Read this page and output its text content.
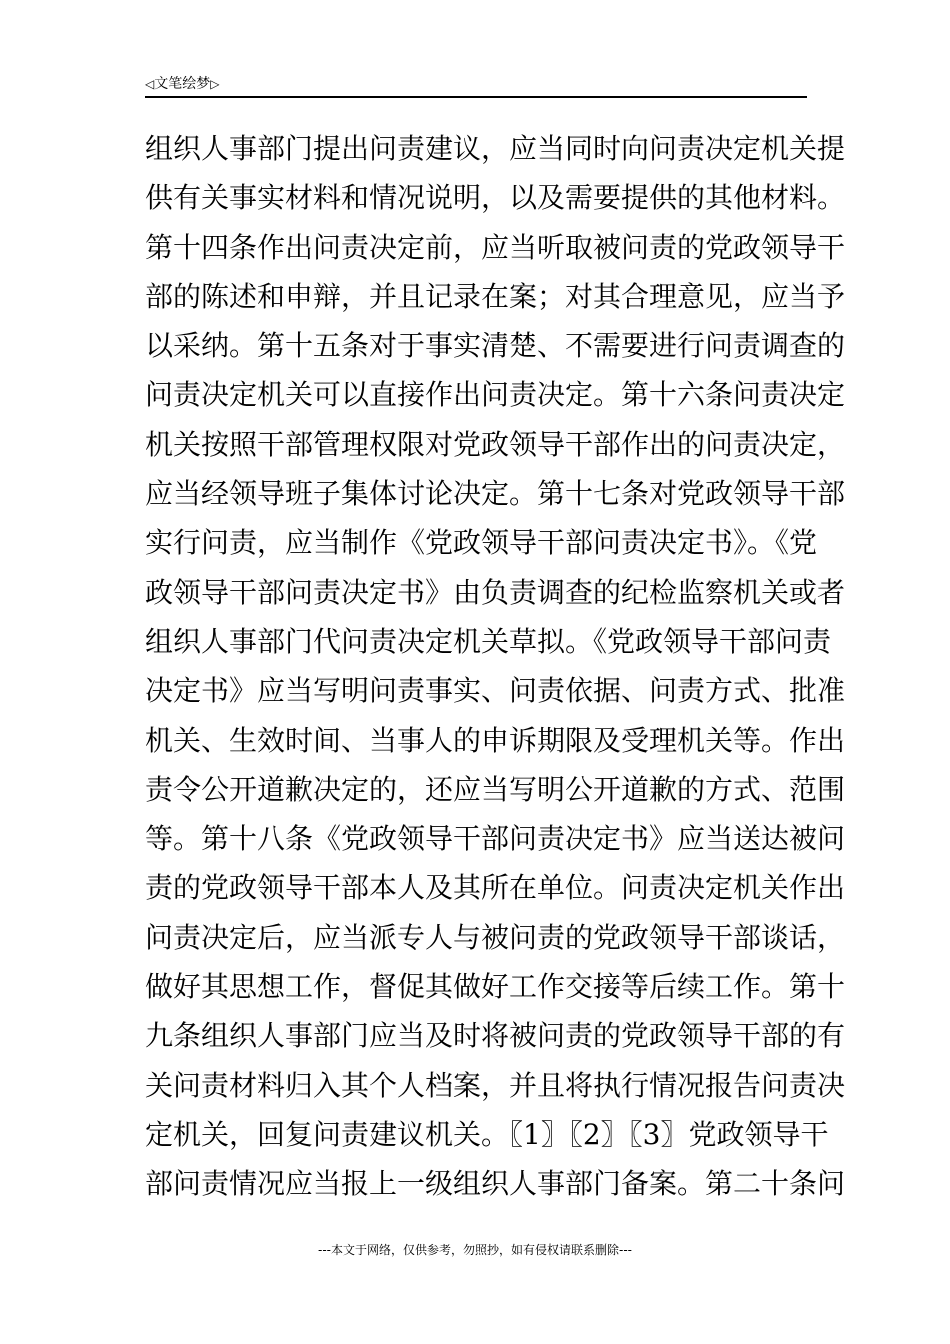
◁文笔绘梦▷
组织人事部门提出问责建议，应当同时向问责决定机关提
供有关事实材料和情况说明，以及需要提供的其他材料。
第十四条作出问责决定前，应当听取被问责的党政领导干
部的陈述和申辩，并且记录在案；对其合理意见，应当予
以采纳。第十五条对于事实清楚、不需要进行问责调查的
问责决定机关可以直接作出问责决定。第十六条问责决定
机关按照干部管理权限对党政领导干部作出的问责决定，
应当经领导班子集体讨论决定。第十七条对党政领导干部
实行问责，应当制作《党政领导干部问责决定书》。《党
政领导干部问责决定书》由负责调查的纪检监察机关或者
组织人事部门代问责决定机关草拟。《党政领导干部问责
决定书》应当写明问责事实、问责依据、问责方式、批准
机关、生效时间、当事人的申诉期限及受理机关等。作出
责令公开道歉决定的，还应当写明公开道歉的方式、范围
等。第十八条《党政领导干部问责决定书》应当送达被问
责的党政领导干部本人及其所在单位。问责决定机关作出
问责决定后，应当派专人与被问责的党政领导干部谈话，
做好其思想工作，督促其做好工作交接等后续工作。第十
九条组织人事部门应当及时将被问责的党政领导干部的有
关问责材料归入其个人档案，并且将执行情况报告问责决
定机关，回复问责建议机关。〖1〗〖2〗〖3〗党政领导干
部问责情况应当报上一级组织人事部门备案。第二十条问
---本文于网络，仅供参考，勿照抄，如有侵权请联系删除---
